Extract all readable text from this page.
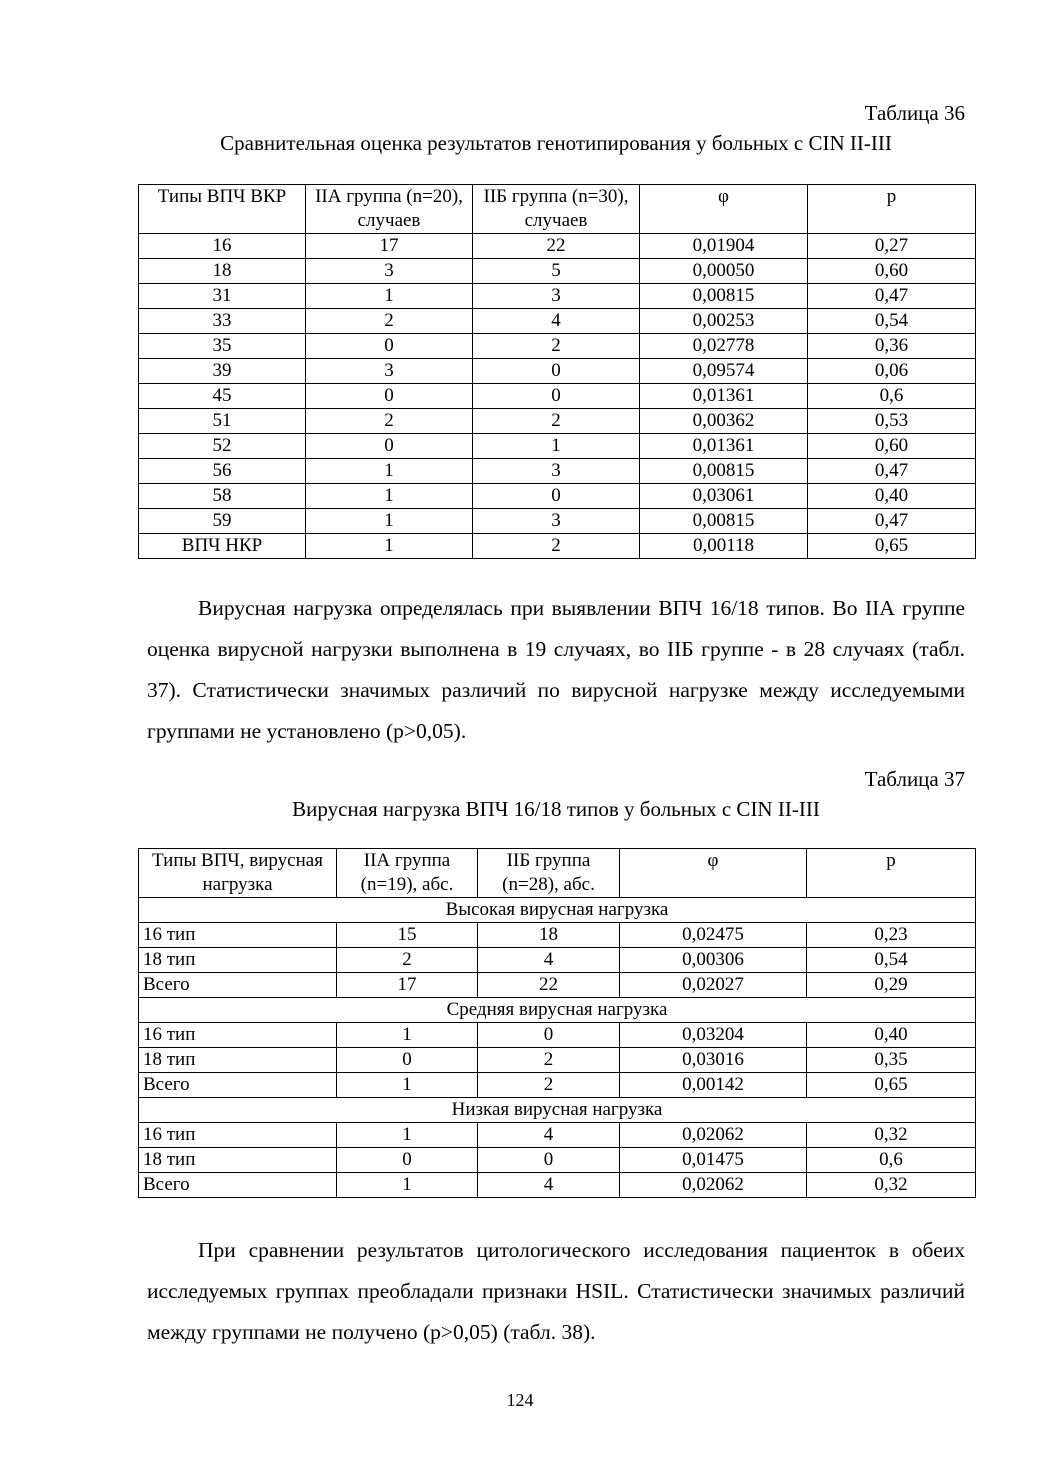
Таблица 36
Сравнительная оценка результатов генотипирования у больных с CIN II-III
Типы ВПЧ ВКР	IIА группа (n=20), случаев	IIБ группа (n=30), случаев	φ	p
16	17	22	0,01904	0,27
18	3	5	0,00050	0,60
31	1	3	0,00815	0,47
33	2	4	0,00253	0,54
35	0	2	0,02778	0,36
39	3	0	0,09574	0,06
45	0	0	0,01361	0,6
51	2	2	0,00362	0,53
52	0	1	0,01361	0,60
56	1	3	0,00815	0,47
58	1	0	0,03061	0,40
59	1	3	0,00815	0,47
ВПЧ НКР	1	2	0,00118	0,65

Вирусная нагрузка определялась при выявлении ВПЧ 16/18 типов. Во IIА группе оценка вирусной нагрузки выполнена в 19 случаях, во IIБ группе - в 28 случаях (табл. 37). Статистически значимых различий по вирусной нагрузке между исследуемыми группами не установлено (p>0,05).

Таблица 37
Вирусная нагрузка ВПЧ 16/18 типов у больных с CIN II-III
Типы ВПЧ, вирусная нагрузка	IIА группа (n=19), абс.	IIБ группа (n=28), абс.	φ	p
Высокая вирусная нагрузка				
16 тип	15	18	0,02475	0,23
18 тип	2	4	0,00306	0,54
Всего	17	22	0,02027	0,29
Средняя вирусная нагрузка				
16 тип	1	0	0,03204	0,40
18 тип	0	2	0,03016	0,35
Всего	1	2	0,00142	0,65
Низкая вирусная нагрузка				
16 тип	1	4	0,02062	0,32
18 тип	0	0	0,01475	0,6
Всего	1	4	0,02062	0,32

При сравнении результатов цитологического исследования пациенток в обеих исследуемых группах преобладали признаки HSIL. Статистически значимых различий между группами не получено (p>0,05) (табл. 38).

124
